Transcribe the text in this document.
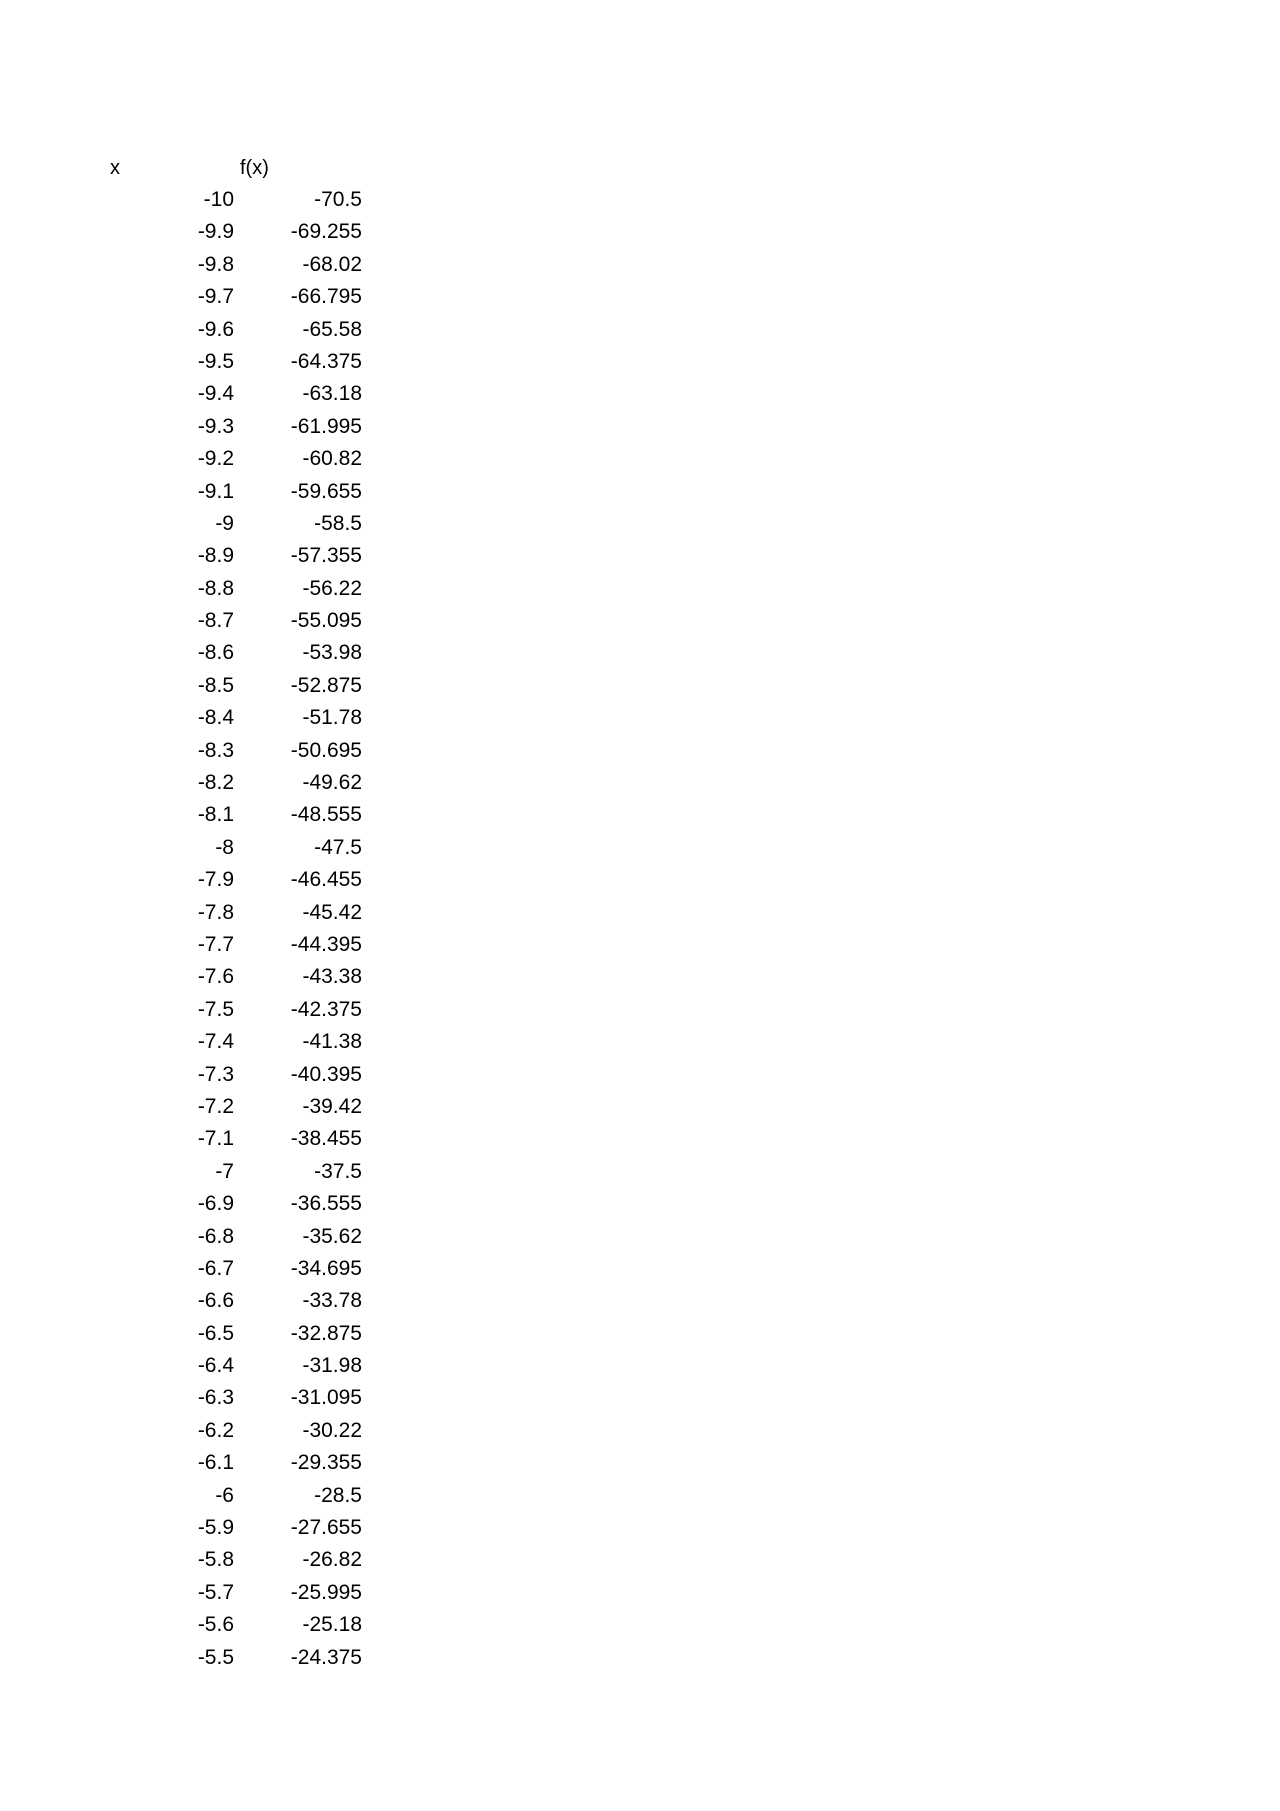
x	f(x)
-10	-70.5
-9.9	-69.255
-9.8	-68.02
-9.7	-66.795
-9.6	-65.58
-9.5	-64.375
-9.4	-63.18
-9.3	-61.995
-9.2	-60.82
-9.1	-59.655
-9	-58.5
-8.9	-57.355
-8.8	-56.22
-8.7	-55.095
-8.6	-53.98
-8.5	-52.875
-8.4	-51.78
-8.3	-50.695
-8.2	-49.62
-8.1	-48.555
-8	-47.5
-7.9	-46.455
-7.8	-45.42
-7.7	-44.395
-7.6	-43.38
-7.5	-42.375
-7.4	-41.38
-7.3	-40.395
-7.2	-39.42
-7.1	-38.455
-7	-37.5
-6.9	-36.555
-6.8	-35.62
-6.7	-34.695
-6.6	-33.78
-6.5	-32.875
-6.4	-31.98
-6.3	-31.095
-6.2	-30.22
-6.1	-29.355
-6	-28.5
-5.9	-27.655
-5.8	-26.82
-5.7	-25.995
-5.6	-25.18
-5.5	-24.375
